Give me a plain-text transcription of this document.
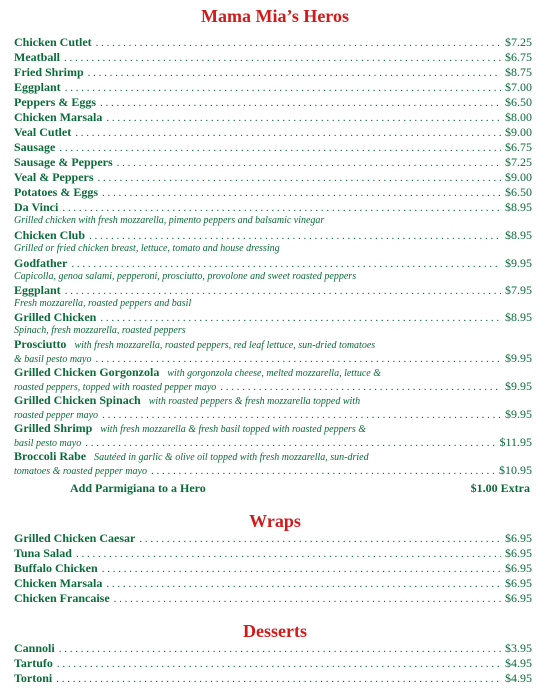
Mama Mia’s Heros
Chicken Cutlet . . .	$7.25
Meatball . . .	$6.75
Fried Shrimp . . .	$8.75
Eggplant . . .	$7.00
Peppers & Eggs . . .	$6.50
Chicken Marsala . . .	$8.00
Veal Cutlet . . .	$9.00
Sausage . . .	$6.75
Sausage & Peppers . . .	$7.25
Veal & Peppers . . .	$9.00
Potatoes & Eggs . . .	$6.50
Da Vinci . . .	$8.95
Grilled chicken with fresh mozzarella, pimento peppers and balsamic vinegar
Chicken Club . . .	$8.95
Grilled or fried chicken breast, lettuce, tomato and house dressing
Godfather . . .	$9.95
Capicolla, genoa salami, pepperoni, prosciutto, provolone and sweet roasted peppers
Eggplant . . .	$7.95
Fresh mozzarella, roasted peppers and basil
Grilled Chicken . . .	$8.95
Spinach, fresh mozzarella, roasted peppers
Prosciutto with fresh mozzarella, roasted peppers, red leaf lettuce, sun-dried tomatoes
& basil pesto mayo . . .	$9.95
Grilled Chicken Gorgonzola with gorgonzola cheese, melted mozzarella, lettuce &
roasted peppers, topped with roasted pepper mayo . . .	$9.95
Grilled Chicken Spinach with roasted peppers & fresh mozzarella topped with
roasted pepper mayo . . .	$9.95
Grilled Shrimp with fresh mozzarella & fresh basil topped with roasted peppers &
basil pesto mayo . . .	$11.95
Broccoli Rabe Sautéed in garlic & olive oil topped with fresh mozzarella, sun-dried
tomatoes & roasted pepper mayo . . .	$10.95
Add Parmigiana to a Hero	$1.00 Extra
Wraps
Grilled Chicken Caesar . . .	$6.95
Tuna Salad . . .	$6.95
Buffalo Chicken . . .	$6.95
Chicken Marsala . . .	$6.95
Chicken Francaise . . .	$6.95
Desserts
Cannoli . . .	$3.95
Tartufo . . .	$4.95
Tortoni . . .	$4.95
